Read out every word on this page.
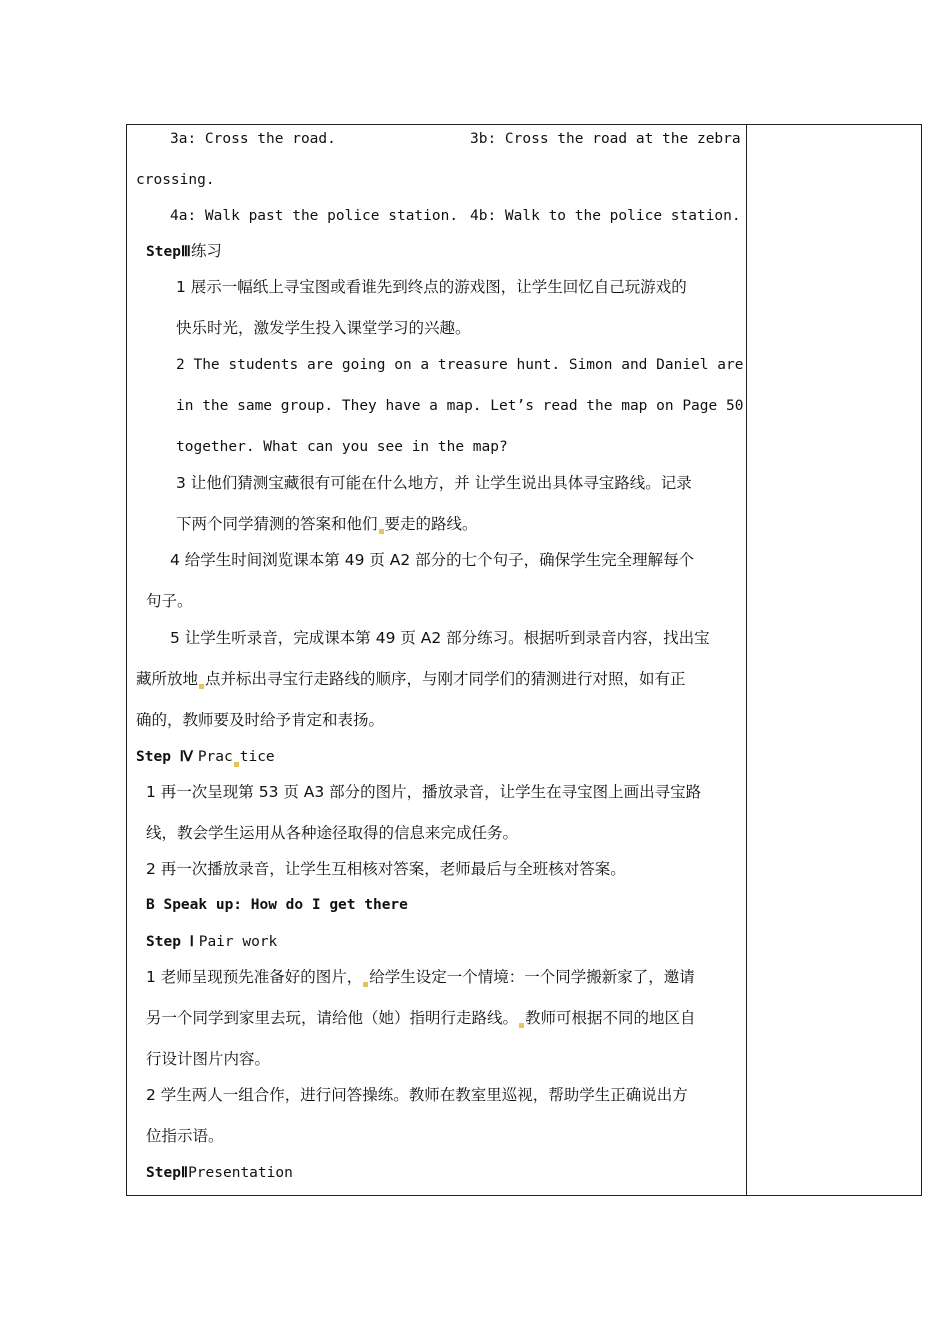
3a: Cross the road.	3b: Cross the road at the zebra
crossing.
4a: Walk past the police station. 4b: Walk to the police station.
StepⅢ练习
1 展示一幅纸上寻宝图或看谁先到终点的游戏图，让学生回忆自己玩游戏的
快乐时光，激发学生投入课堂学习的兴趣。
2 The students are going on a treasure hunt. Simon and Daniel are
in the same group. They have a map. Let’s read the map on Page 50
together. What can you see in the map?
3 让他们猜测宝藏很有可能在什么地方，并 让学生说出具体寻宝路线。记录
下两个同学猜测的答案和他们 要走的路线。
4 给学生时间浏览课本第 49 页 A2 部分的七个句子，确保学生完全理解每个
句子。
5 让学生听录音，完成课本第 49 页 A2 部分练习。根据听到录音内容，找出宝
藏所放地 点并标出寻宝行走路线的顺序，与刚才同学们的猜测进行对照，如有正
确的，教师要及时给予肯定和表扬。
Step Ⅳ Prac tice
1 再一次呈现第 53 页 A3 部分的图片，播放录音，让学生在寻宝图上画出寻宝路
线，教会学生运用从各种途径取得的信息来完成任务。
2 再一次播放录音，让学生互相核对答案，老师最后与全班核对答案。
B Speak up: How do I get there
Step Ⅰ Pair work
1 老师呈现预先准备好的图片， 给学生设定一个情境：一个同学搬新家了，邀请
另一个同学到家里去玩，请给他（她）指明行走路线。 教师可根据不同的地区自
行设计图片内容。
2 学生两人一组合作，进行问答操练。教师在教室里巡视，帮助学生正确说出方
位指示语。
StepⅡPresentation
